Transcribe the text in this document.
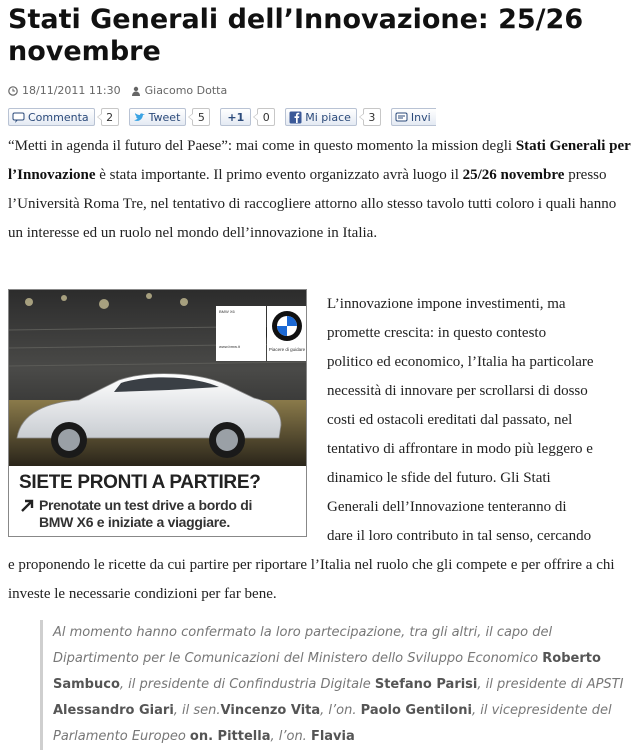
Stati Generali dell’Innovazione: 25/26 novembre
18/11/2011 11:30 Giacomo Dotta
Commenta	2	Tweet	5	+1	0	Mi piace	3	Invi

“Metti in agenda il futuro del Paese”: mai come in questo momento la mission degli Stati Generali per l’Innovazione è stata importante. Il primo evento organizzato avrà luogo il 25/26 novembre presso l’Università Roma Tre, nel tentativo di raccogliere attorno allo stesso tavolo tutti coloro i quali hanno un interesse ed un ruolo nel mondo dell’innovazione in Italia.

BMW X6
www.bmw.it
Piacere di guidare
SIETE PRONTI A PARTIRE?
Prenotate un test drive a bordo di
BMW X6 e iniziate a viaggiare.
L’innovazione impone investimenti, ma
promette crescita: in questo contesto
politico ed economico, l’Italia ha particolare
necessità di innovare per scrollarsi di dosso
costi ed ostacoli ereditati dal passato, nel
tentativo di affrontare in modo più leggero e
dinamico le sfide del futuro. Gli Stati
Generali dell’Innovazione tenteranno di
dare il loro contributo in tal senso, cercando
e proponendo le ricette da cui partire per riportare l’Italia nel ruolo che gli compete e per offrire a chi investe le necessarie condizioni per far bene.
Al momento hanno confermato la loro partecipazione, tra gli altri, il capo del Dipartimento per le Comunicazioni del Ministero dello Sviluppo Economico Roberto Sambuco, il presidente di Confindustria Digitale Stefano Parisi, il presidente di APSTI Alessandro Giari, il sen.Vincenzo Vita, l’on. Paolo Gentiloni, il vicepresidente del Parlamento Europeo on. Pittella, l’on. Flavia
